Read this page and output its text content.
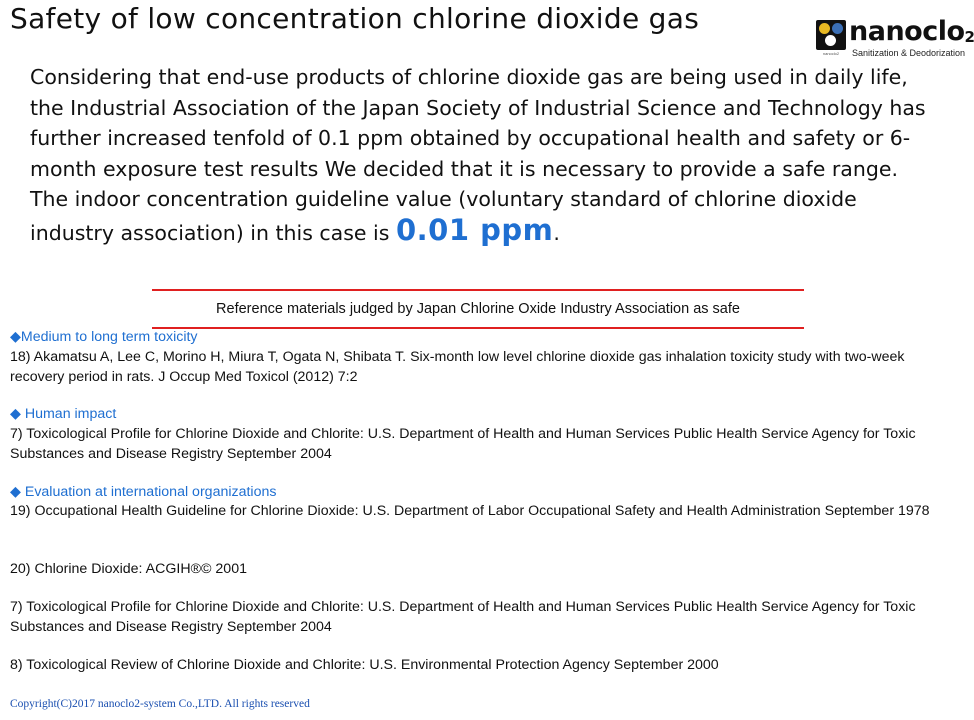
Safety of low concentration chlorine dioxide gas
nanoclo2
nanoclo$_2$
Sanitization & Deodorization
Considering that end-use products of chlorine dioxide gas are being used in daily life, the Industrial Association of the Japan Society of Industrial Science and Technology has further increased tenfold of 0.1 ppm obtained by occupational health and safety or 6-month exposure test results We decided that it is necessary to provide a safe range. The indoor concentration guideline value (voluntary standard of chlorine dioxide industry association) in this case is 0.01 ppm.
Reference materials judged by Japan Chlorine Oxide Industry Association as safe
◆Medium to long term toxicity
18) Akamatsu A, Lee C, Morino H, Miura T, Ogata N, Shibata T. Six-month low level chlorine dioxide gas inhalation toxicity study with two-week recovery period in rats. J Occup Med Toxicol (2012) 7:2
◆ Human impact
7) Toxicological Profile for Chlorine Dioxide and Chlorite: U.S. Department of Health and Human Services Public Health Service Agency for Toxic Substances and Disease Registry September 2004
◆ Evaluation at international organizations
19) Occupational Health Guideline for Chlorine Dioxide: U.S. Department of Labor Occupational Safety and Health Administration September 1978
20) Chlorine Dioxide: ACGIH®© 2001
7) Toxicological Profile for Chlorine Dioxide and Chlorite: U.S. Department of Health and Human Services Public Health Service Agency for Toxic Substances and Disease Registry September 2004
8) Toxicological Review of Chlorine Dioxide and Chlorite: U.S. Environmental Protection Agency September 2000
Copyright(C)2017 nanoclo2-system Co.,LTD. All rights reserved
